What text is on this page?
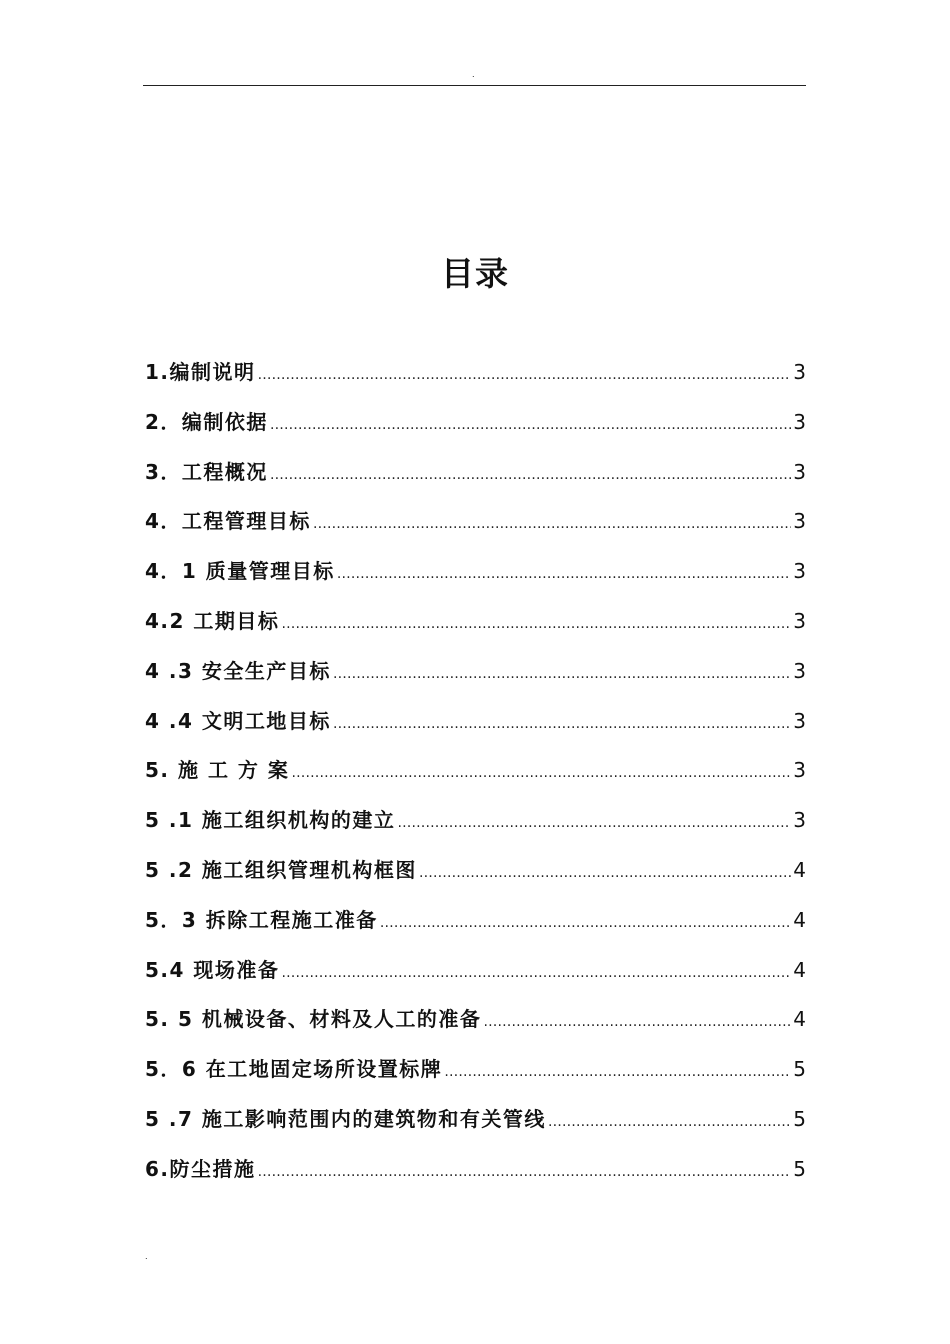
.
目录
1.编制说明 ……………………………………………………………………………………………………………………………………………………………………………………	3
2．编制依据 ……………………………………………………………………………………………………………………………………………………………………………………	3
3．工程概况 ……………………………………………………………………………………………………………………………………………………………………………………	3
4．工程管理目标 ……………………………………………………………………………………………………………………………………………………………………………………	3
4．1 质量管理目标 ……………………………………………………………………………………………………………………………………………………………………………………	3
4.2 工期目标 ……………………………………………………………………………………………………………………………………………………………………………………	3
4 .3 安全生产目标 ……………………………………………………………………………………………………………………………………………………………………………………	3
4 .4 文明工地目标 ……………………………………………………………………………………………………………………………………………………………………………………	3
5. 施 工 方 案 ……………………………………………………………………………………………………………………………………………………………………………………	3
5 .1 施工组织机构的建立 ……………………………………………………………………………………………………………………………………………………………………………………	3
5 .2 施工组织管理机构框图 ……………………………………………………………………………………………………………………………………………………………………………………	4
5．3 拆除工程施工准备 ……………………………………………………………………………………………………………………………………………………………………………………	4
5.4 现场准备 ……………………………………………………………………………………………………………………………………………………………………………………	4
5. 5 机械设备、材料及人工的准备 ……………………………………………………………………………………………………………………………………………………………………………………	4
5．6 在工地固定场所设置标牌 ……………………………………………………………………………………………………………………………………………………………………………………	5
5 .7 施工影响范围内的建筑物和有关管线 ……………………………………………………………………………………………………………………………………………………………………………………	5
6.防尘措施 ……………………………………………………………………………………………………………………………………………………………………………………	5
.
